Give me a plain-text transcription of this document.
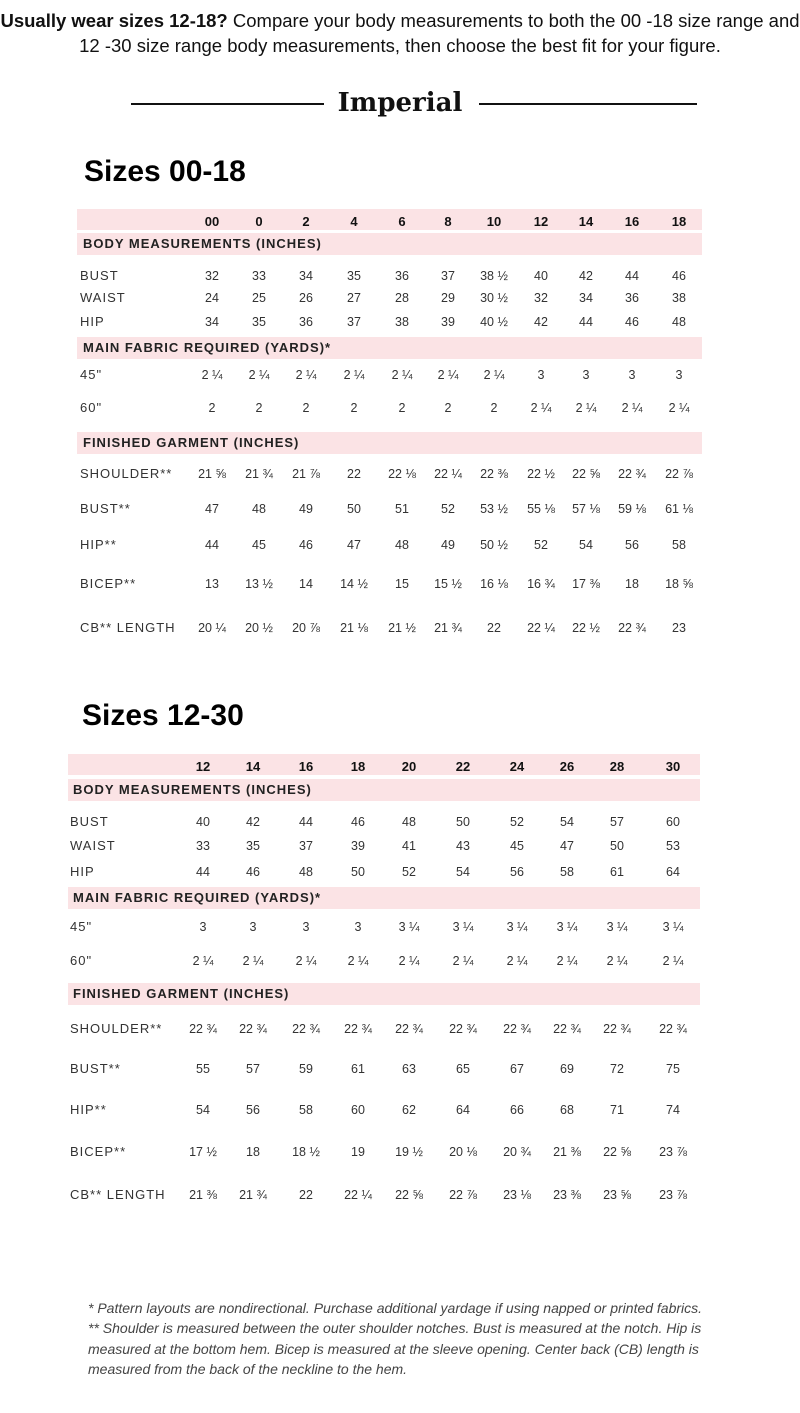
Usually wear sizes 12-18? Compare your body measurements to both the 00 -18 size range and 12 -30 size range body measurements, then choose the best fit for your figure.
Imperial
Sizes 00-18
00	0	2	4	6	8	10	12	14	16	18
BODY MEASUREMENTS (INCHES)
BUST	32	33	34	35	36	37	38 ½	40	42	44	46
WAIST	24	25	26	27	28	29	30 ½	32	34	36	38
HIP	34	35	36	37	38	39	40 ½	42	44	46	48
MAIN FABRIC REQUIRED (YARDS)*
45"	2 ¼	2 ¼	2 ¼	2 ¼	2 ¼	2 ¼	2 ¼	3	3	3	3
60"	2	2	2	2	2	2	2	2 ¼	2 ¼	2 ¼	2 ¼
FINISHED GARMENT (INCHES)
SHOULDER**	21 ⅝	21 ¾	21 ⅞	22	22 ⅛	22 ¼	22 ⅜	22 ½	22 ⅝	22 ¾	22 ⅞
BUST**	47	48	49	50	51	52	53 ½	55 ⅛	57 ⅛	59 ⅛	61 ⅛
HIP**	44	45	46	47	48	49	50 ½	52	54	56	58
BICEP**	13	13 ½	14	14 ½	15	15 ½	16 ⅛	16 ¾	17 ⅜	18	18 ⅝
CB** LENGTH	20 ¼	20 ½	20 ⅞	21 ⅛	21 ½	21 ¾	22	22 ¼	22 ½	22 ¾	23
Sizes 12-30
12	14	16	18	20	22	24	26	28	30
BODY MEASUREMENTS (INCHES)
BUST	40	42	44	46	48	50	52	54	57	60
WAIST	33	35	37	39	41	43	45	47	50	53
HIP	44	46	48	50	52	54	56	58	61	64
MAIN FABRIC REQUIRED (YARDS)*
45"	3	3	3	3	3 ¼	3 ¼	3 ¼	3 ¼	3 ¼	3 ¼
60"	2 ¼	2 ¼	2 ¼	2 ¼	2 ¼	2 ¼	2 ¼	2 ¼	2 ¼	2 ¼
FINISHED GARMENT (INCHES)
SHOULDER**	22 ¾	22 ¾	22 ¾	22 ¾	22 ¾	22 ¾	22 ¾	22 ¾	22 ¾	22 ¾
BUST**	55	57	59	61	63	65	67	69	72	75
HIP**	54	56	58	60	62	64	66	68	71	74
BICEP**	17 ½	18	18 ½	19	19 ½	20 ⅛	20 ¾	21 ⅜	22 ⅝	23 ⅞
CB** LENGTH	21 ⅜	21 ¾	22	22 ¼	22 ⅝	22 ⅞	23 ⅛	23 ⅜	23 ⅝	23 ⅞
* Pattern layouts are nondirectional. Purchase additional yardage if using napped or printed fabrics.
** Shoulder is measured between the outer shoulder notches. Bust is measured at the notch. Hip is measured at the bottom hem. Bicep is measured at the sleeve opening. Center back (CB) length is measured from the back of the neckline to the hem.
